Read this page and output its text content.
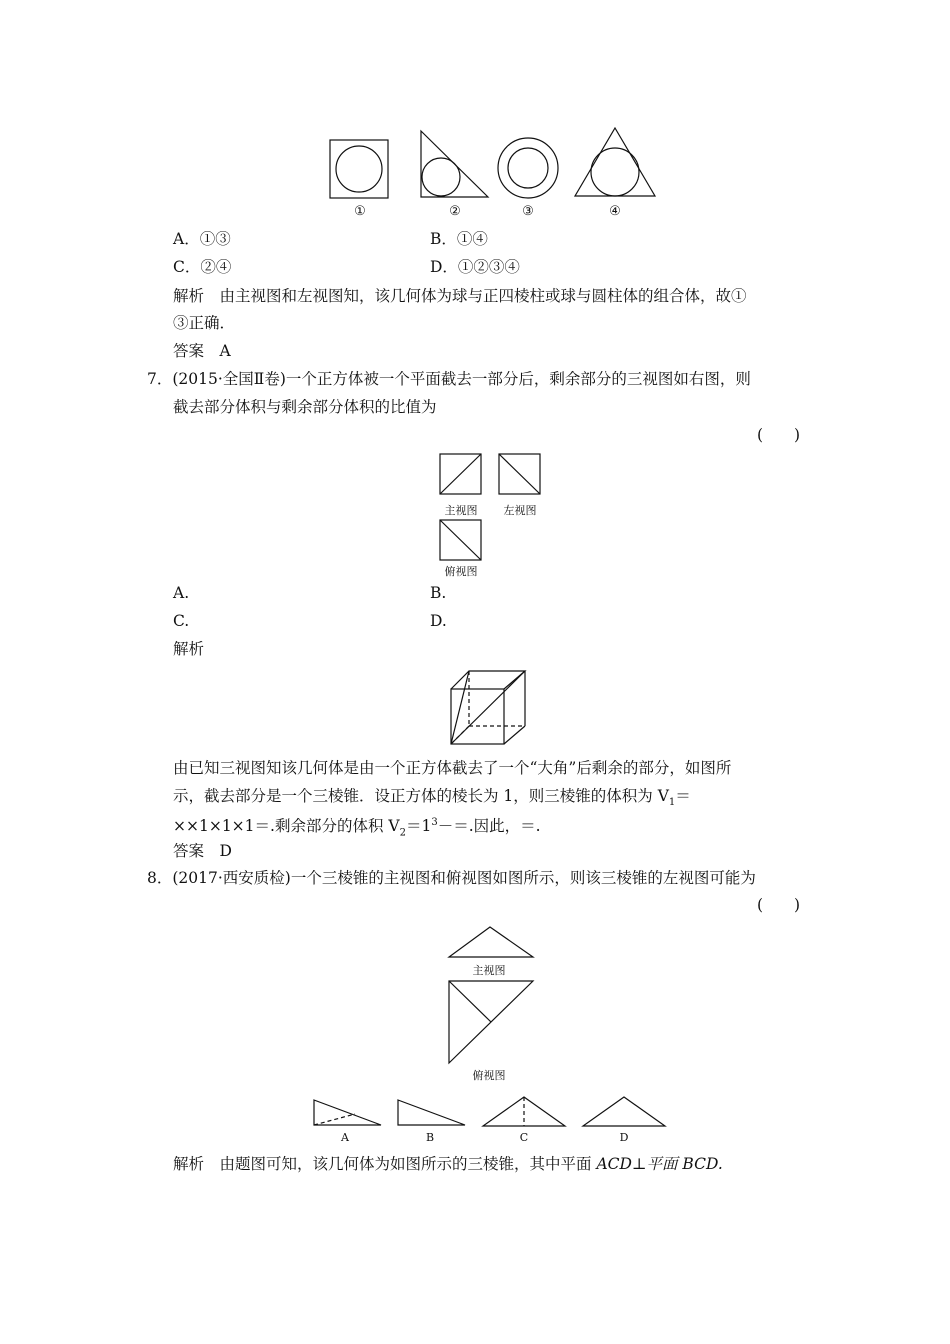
①	②	③	④
A．①③	B．①④
C．②④	D．①②③④
解析　由主视图和左视图知，该几何体为球与正四棱柱或球与圆柱体的组合体，故①
③正确．
答案　A
7．(2015·全国Ⅱ卷)一个正方体被一个平面截去一部分后，剩余部分的三视图如右图，则
截去部分体积与剩余部分体积的比值为
(　　)
主视图	左视图
俯视图
A.	B.
C.	D.
解析
由已知三视图知该几何体是由一个正方体截去了一个“大角”后剩余的部分，如图所
示，截去部分是一个三棱锥．设正方体的棱长为 1，则三棱锥的体积为 $V_1=$
××1×1×1＝.剩余部分的体积 $V_2=1^3-=$.因此，＝.
答案　D
8．(2017·西安质检)一个三棱锥的主视图和俯视图如图所示，则该三棱锥的左视图可能为
(　　)
主视图
俯视图
A	B	C	D
解析　由题图可知，该几何体为如图所示的三棱锥，其中平面 ACD⊥平面 BCD.
